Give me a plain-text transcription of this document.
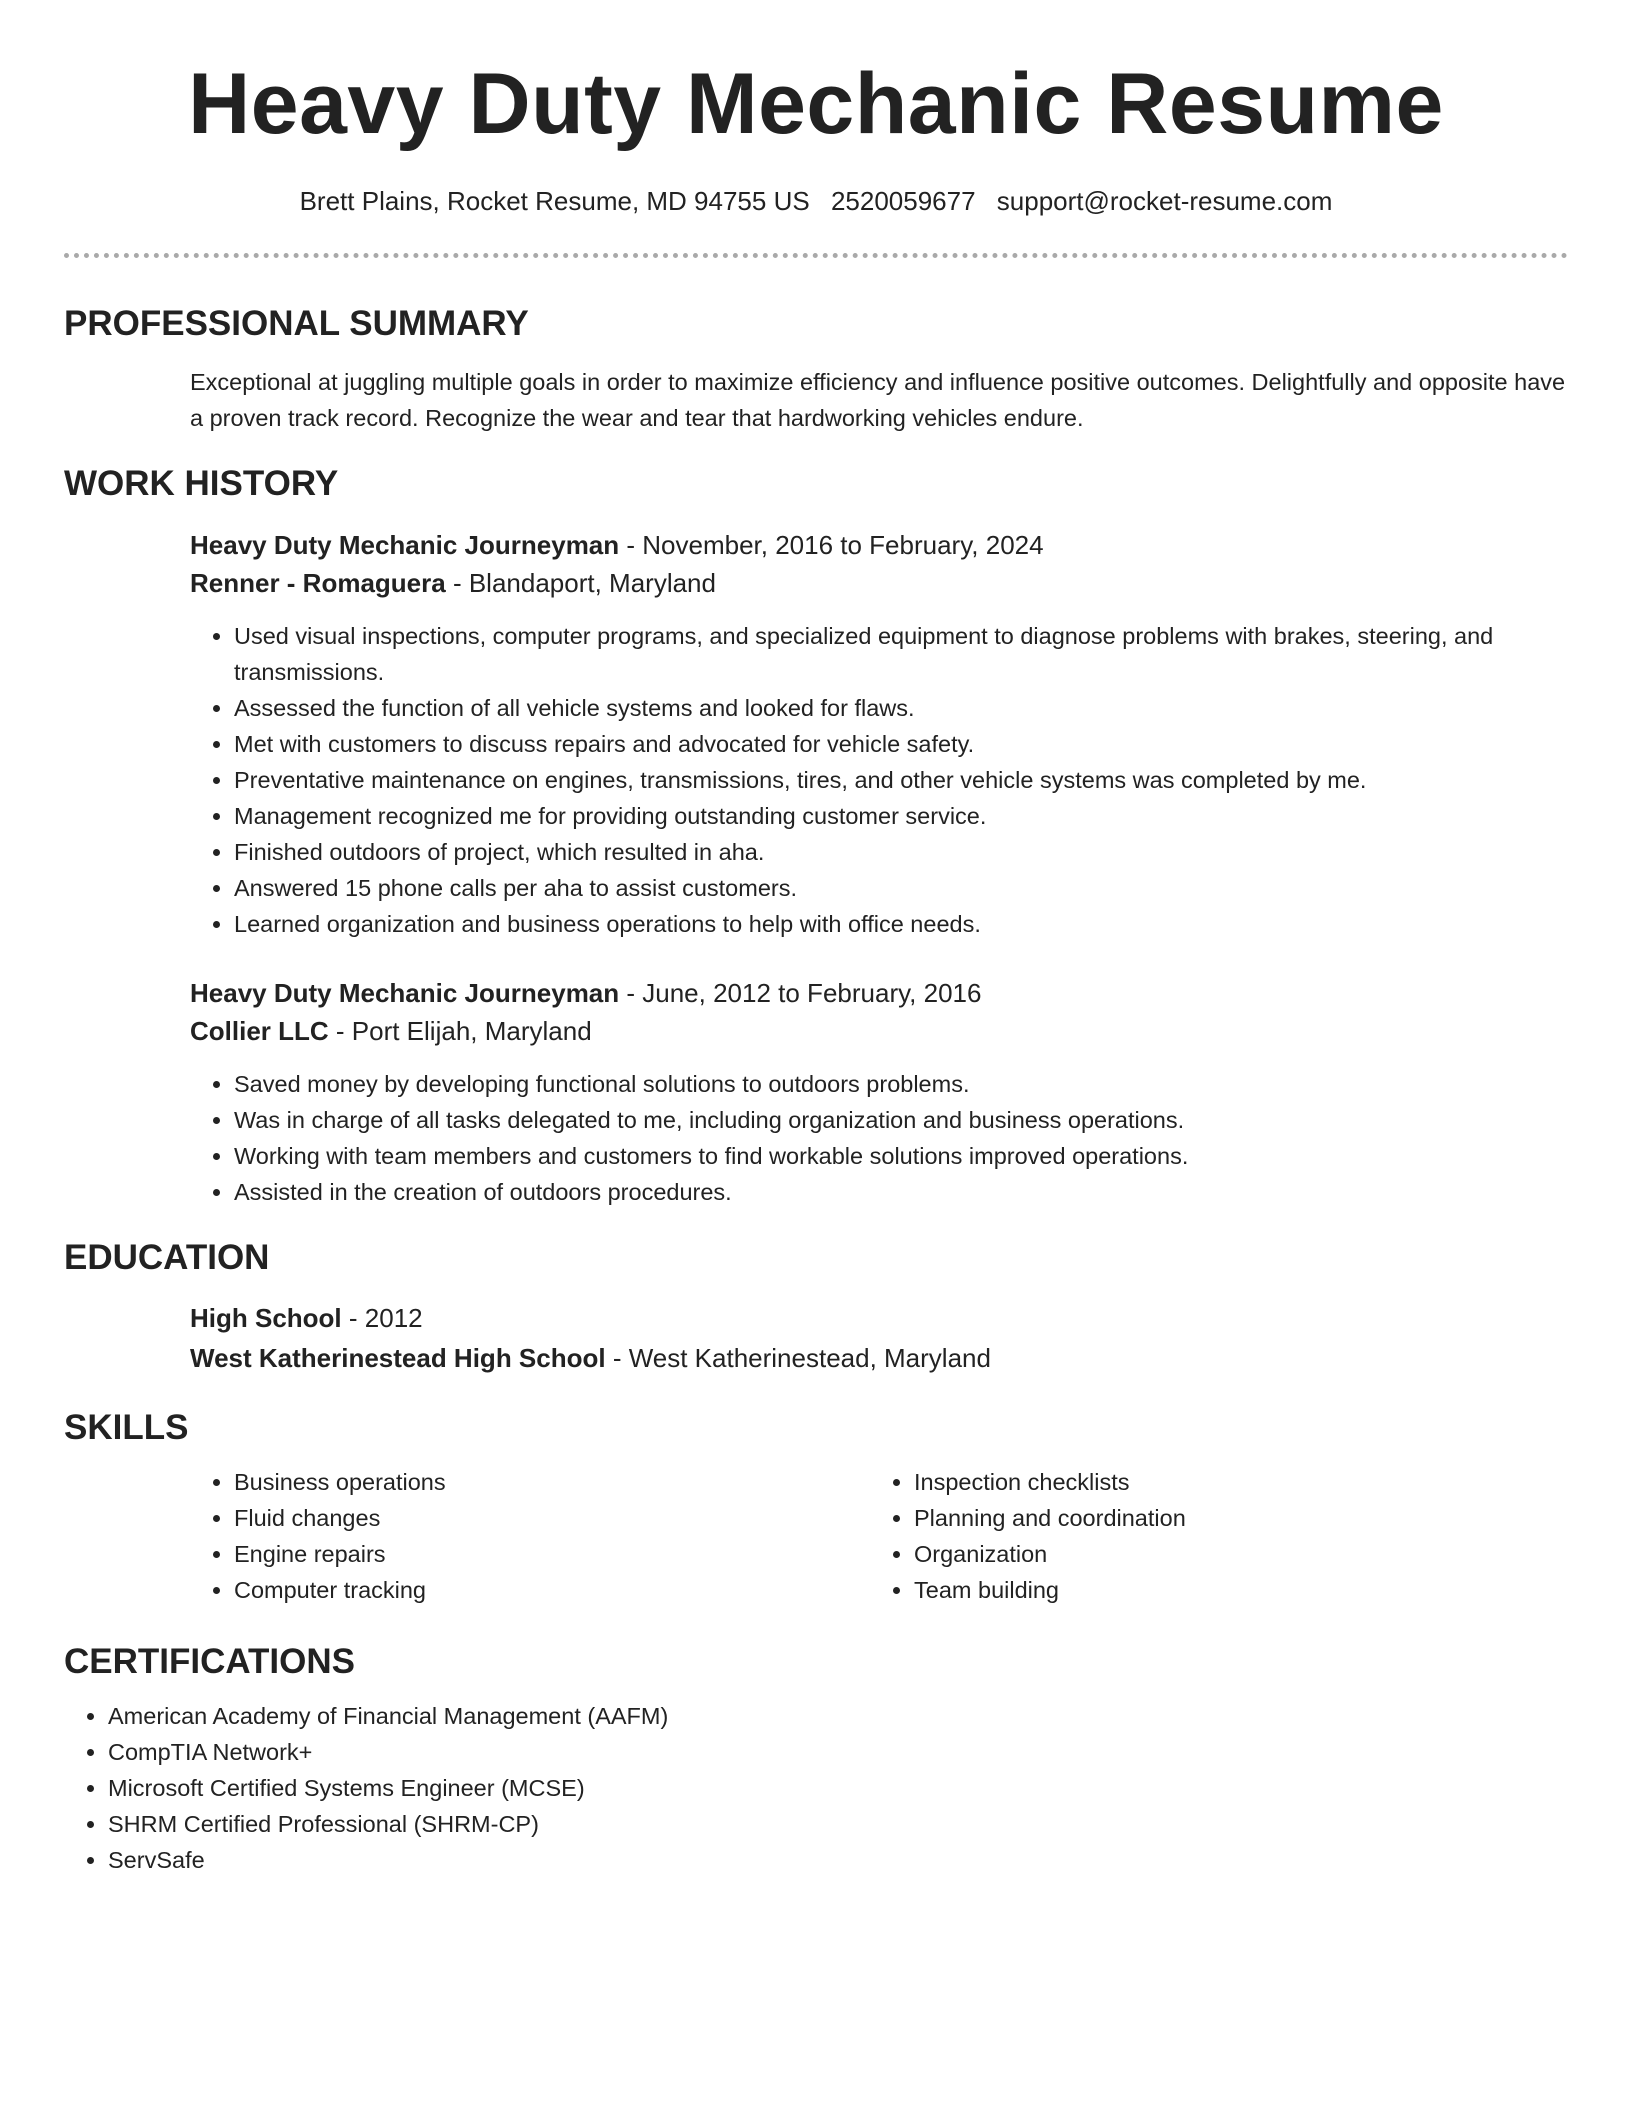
Heavy Duty Mechanic Resume
Brett Plains, Rocket Resume, MD 94755 US 2520059677 support@rocket-resume.com
PROFESSIONAL SUMMARY
Exceptional at juggling multiple goals in order to maximize efficiency and influence positive outcomes. Delightfully and opposite have a proven track record. Recognize the wear and tear that hardworking vehicles endure.
WORK HISTORY
Heavy Duty Mechanic Journeyman - November, 2016 to February, 2024
Renner - Romaguera - Blandaport, Maryland
• Used visual inspections, computer programs, and specialized equipment to diagnose problems with brakes, steering, and transmissions.
• Assessed the function of all vehicle systems and looked for flaws.
• Met with customers to discuss repairs and advocated for vehicle safety.
• Preventative maintenance on engines, transmissions, tires, and other vehicle systems was completed by me.
• Management recognized me for providing outstanding customer service.
• Finished outdoors of project, which resulted in aha.
• Answered 15 phone calls per aha to assist customers.
• Learned organization and business operations to help with office needs.
Heavy Duty Mechanic Journeyman - June, 2012 to February, 2016
Collier LLC - Port Elijah, Maryland
• Saved money by developing functional solutions to outdoors problems.
• Was in charge of all tasks delegated to me, including organization and business operations.
• Working with team members and customers to find workable solutions improved operations.
• Assisted in the creation of outdoors procedures.
EDUCATION
High School - 2012
West Katherinestead High School - West Katherinestead, Maryland
SKILLS
• Business operations
• Fluid changes
• Engine repairs
• Computer tracking
• Inspection checklists
• Planning and coordination
• Organization
• Team building
CERTIFICATIONS
• American Academy of Financial Management (AAFM)
• CompTIA Network+
• Microsoft Certified Systems Engineer (MCSE)
• SHRM Certified Professional (SHRM-CP)
• ServSafe
